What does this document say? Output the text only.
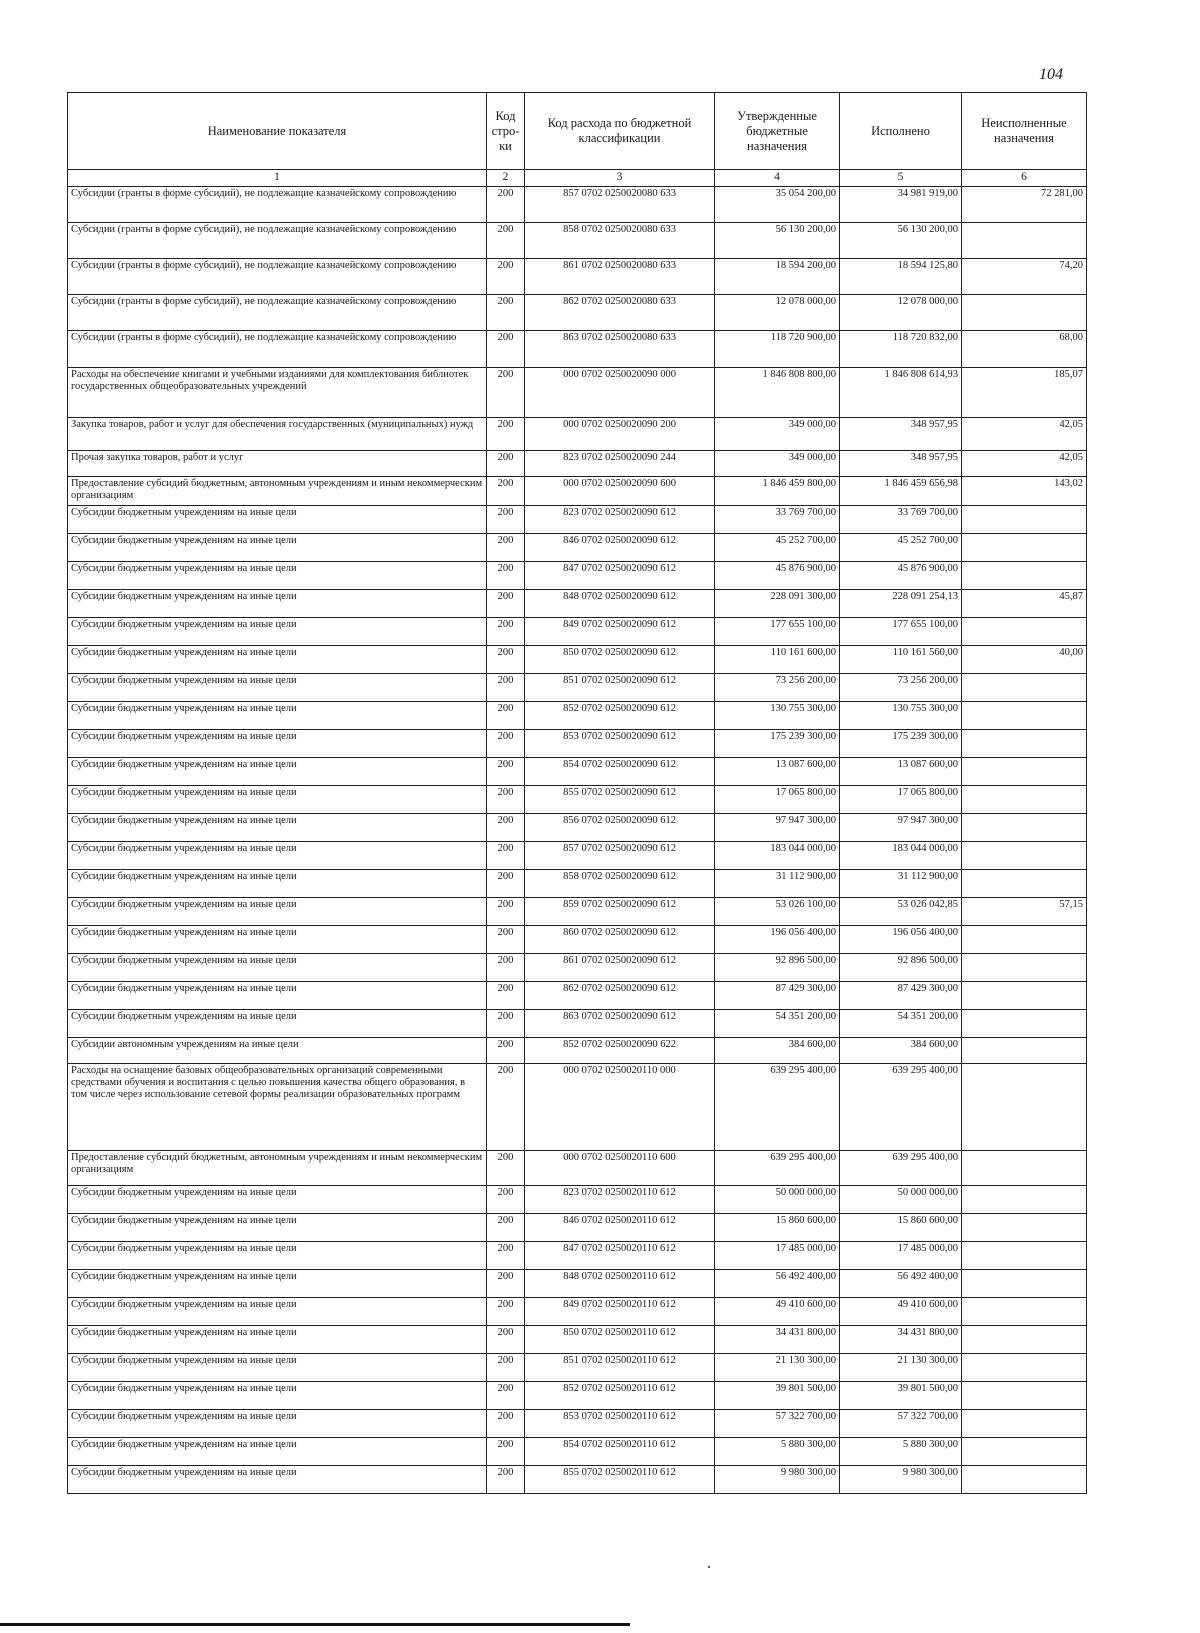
104
Наименование показателя	Код стро-ки	Код расхода по бюджетной классификации	Утвержденные бюджетные назначения	Исполнено	Неисполненные назначения
1	2	3	4	5	6
Субсидии (гранты в форме субсидий), не подлежащие казначейскому сопровождению	200	857 0702 0250020080 633	35 054 200,00	34 981 919,00	72 281,00
Субсидии (гранты в форме субсидий), не подлежащие казначейскому сопровождению	200	858 0702 0250020080 633	56 130 200,00	56 130 200,00	
Субсидии (гранты в форме субсидий), не подлежащие казначейскому сопровождению	200	861 0702 0250020080 633	18 594 200,00	18 594 125,80	74,20
Субсидии (гранты в форме субсидий), не подлежащие казначейскому сопровождению	200	862 0702 0250020080 633	12 078 000,00	12 078 000,00	
Субсидии (гранты в форме субсидий), не подлежащие казначейскому сопровождению	200	863 0702 0250020080 633	118 720 900,00	118 720 832,00	68,00
Расходы на обеспечение книгами и учебными изданиями для комплектования библиотек государственных общеобразовательных учреждений	200	000 0702 0250020090 000	1 846 808 800,00	1 846 808 614,93	185,07
Закупка товаров, работ и услуг для обеспечения государственных (муниципальных) нужд	200	000 0702 0250020090 200	349 000,00	348 957,95	42,05
Прочая закупка товаров, работ и услуг	200	823 0702 0250020090 244	349 000,00	348 957,95	42,05
Предоставление субсидий бюджетным, автономным учреждениям и иным некоммерческим организациям	200	000 0702 0250020090 600	1 846 459 800,00	1 846 459 656,98	143,02
Субсидии бюджетным учреждениям на иные цели	200	823 0702 0250020090 612	33 769 700,00	33 769 700,00	
Субсидии бюджетным учреждениям на иные цели	200	846 0702 0250020090 612	45 252 700,00	45 252 700,00	
Субсидии бюджетным учреждениям на иные цели	200	847 0702 0250020090 612	45 876 900,00	45 876 900,00	
Субсидии бюджетным учреждениям на иные цели	200	848 0702 0250020090 612	228 091 300,00	228 091 254,13	45,87
Субсидии бюджетным учреждениям на иные цели	200	849 0702 0250020090 612	177 655 100,00	177 655 100,00	
Субсидии бюджетным учреждениям на иные цели	200	850 0702 0250020090 612	110 161 600,00	110 161 560,00	40,00
Субсидии бюджетным учреждениям на иные цели	200	851 0702 0250020090 612	73 256 200,00	73 256 200,00	
Субсидии бюджетным учреждениям на иные цели	200	852 0702 0250020090 612	130 755 300,00	130 755 300,00	
Субсидии бюджетным учреждениям на иные цели	200	853 0702 0250020090 612	175 239 300,00	175 239 300,00	
Субсидии бюджетным учреждениям на иные цели	200	854 0702 0250020090 612	13 087 600,00	13 087 600,00	
Субсидии бюджетным учреждениям на иные цели	200	855 0702 0250020090 612	17 065 800,00	17 065 800,00	
Субсидии бюджетным учреждениям на иные цели	200	856 0702 0250020090 612	97 947 300,00	97 947 300,00	
Субсидии бюджетным учреждениям на иные цели	200	857 0702 0250020090 612	183 044 000,00	183 044 000,00	
Субсидии бюджетным учреждениям на иные цели	200	858 0702 0250020090 612	31 112 900,00	31 112 900,00	
Субсидии бюджетным учреждениям на иные цели	200	859 0702 0250020090 612	53 026 100,00	53 026 042,85	57,15
Субсидии бюджетным учреждениям на иные цели	200	860 0702 0250020090 612	196 056 400,00	196 056 400,00	
Субсидии бюджетным учреждениям на иные цели	200	861 0702 0250020090 612	92 896 500,00	92 896 500,00	
Субсидии бюджетным учреждениям на иные цели	200	862 0702 0250020090 612	87 429 300,00	87 429 300,00	
Субсидии бюджетным учреждениям на иные цели	200	863 0702 0250020090 612	54 351 200,00	54 351 200,00	
Субсидии автономным учреждениям на иные цели	200	852 0702 0250020090 622	384 600,00	384 600,00	
Расходы на оснащение базовых общеобразовательных организаций современными средствами обучения и воспитания с целью повышения качества общего образования, в том числе через использование сетевой формы реализации образовательных программ	200	000 0702 0250020110 000	639 295 400,00	639 295 400,00	
Предоставление субсидий бюджетным, автономным учреждениям и иным некоммерческим организациям	200	000 0702 0250020110 600	639 295 400,00	639 295 400,00	
Субсидии бюджетным учреждениям на иные цели	200	823 0702 0250020110 612	50 000 000,00	50 000 000,00	
Субсидии бюджетным учреждениям на иные цели	200	846 0702 0250020110 612	15 860 600,00	15 860 600,00	
Субсидии бюджетным учреждениям на иные цели	200	847 0702 0250020110 612	17 485 000,00	17 485 000,00	
Субсидии бюджетным учреждениям на иные цели	200	848 0702 0250020110 612	56 492 400,00	56 492 400,00	
Субсидии бюджетным учреждениям на иные цели	200	849 0702 0250020110 612	49 410 600,00	49 410 600,00	
Субсидии бюджетным учреждениям на иные цели	200	850 0702 0250020110 612	34 431 800,00	34 431 800,00	
Субсидии бюджетным учреждениям на иные цели	200	851 0702 0250020110 612	21 130 300,00	21 130 300,00	
Субсидии бюджетным учреждениям на иные цели	200	852 0702 0250020110 612	39 801 500,00	39 801 500,00	
Субсидии бюджетным учреждениям на иные цели	200	853 0702 0250020110 612	57 322 700,00	57 322 700,00	
Субсидии бюджетным учреждениям на иные цели	200	854 0702 0250020110 612	5 880 300,00	5 880 300,00	
Субсидии бюджетным учреждениям на иные цели	200	855 0702 0250020110 612	9 980 300,00	9 980 300,00	
